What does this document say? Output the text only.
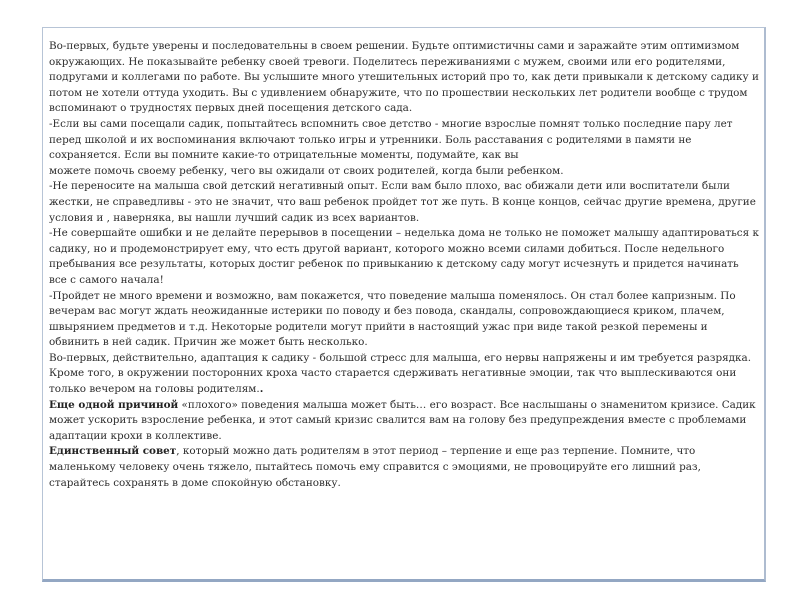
Во-первых, будьте уверены и последовательны в своем решении. Будьте оптимистичны сами и заражайте этим оптимизмом окружающих. Не показывайте ребенку своей тревоги. Поделитесь переживаниями с мужем, своими или его родителями, подругами и коллегами по работе. Вы услышите много утешительных историй про то, как дети привыкали к детскому садику и потом не хотели оттуда уходить. Вы с удивлением обнаружите, что по прошествии нескольких лет родители вообще с трудом вспоминают о трудностях первых дней посещения детского сада.

-Если вы сами посещали садик, попытайтесь вспомнить свое детство - многие взрослые помнят только последние пару лет перед школой и их воспоминания включают только игры и утренники. Боль расставания с родителями в памяти не сохраняется. Если вы помните какие-то отрицательные моменты, подумайте, как вы

можете помочь своему ребенку, чего вы ожидали от своих родителей, когда были ребенком.

-Не переносите на малыша свой детский негативный опыт. Если вам было плохо, вас обижали дети или воспитатели были жестки, не справедливы - это не значит, что ваш ребенок пройдет тот же путь. В конце концов, сейчас другие времена, другие условия и , наверняка, вы нашли лучший садик из всех вариантов.

-Не совершайте ошибки и не делайте перерывов в посещении – неделька дома не только не поможет малышу адаптироваться к садику, но и продемонстрирует ему, что есть другой вариант, которого можно всеми силами добиться. После недельного пребывания все результаты, которых достиг ребенок по привыканию к детскому саду могут исчезнуть и придется начинать все с самого начала!

-Пройдет не много времени и возможно, вам покажется, что поведение малыша поменялось. Он стал более капризным. По вечерам вас могут ждать неожиданные истерики по поводу и без повода, скандалы, сопровождающиеся криком, плачем, швырянием предметов и т.д. Некоторые родители могут прийти в настоящий ужас при виде такой резкой перемены и обвинить в ней садик. Причин же может быть несколько.

Во-первых, действительно, адаптация к садику - большой стресс для малыша, его нервы напряжены и им требуется разрядка. Кроме того, в окружении посторонних кроха часто старается сдерживать негативные эмоции, так что выплескиваются они только вечером на головы родителям..

Еще одной причиной «плохого» поведения малыша может быть… его возраст. Все наслышаны о знаменитом кризисе. Садик может ускорить взросление ребенка, и этот самый кризис свалится вам на голову без предупреждения вместе с проблемами адаптации крохи в коллективе.

Единственный совет, который можно дать родителям в этот период – терпение и еще раз терпение. Помните, что маленькому человеку очень тяжело, пытайтесь помочь ему справится с эмоциями, не провоцируйте его лишний раз, старайтесь сохранять в доме спокойную обстановку.
